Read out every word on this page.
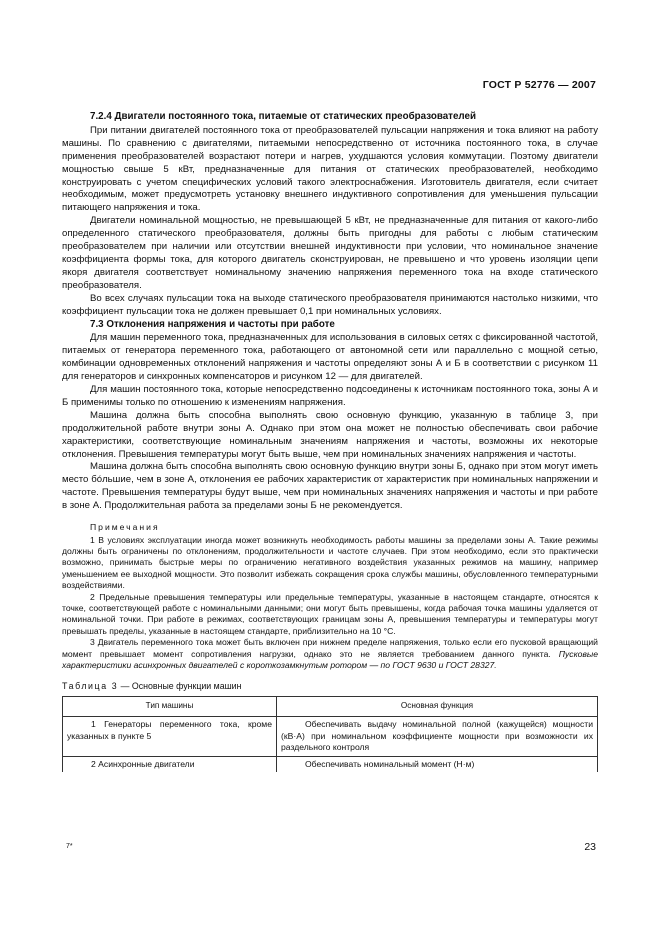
ГОСТ Р 52776 — 2007
7.2.4 Двигатели постоянного тока, питаемые от статических преобразователей

При питании двигателей постоянного тока от преобразователей пульсации напряжения и тока влияют на работу машины. По сравнению с двигателями, питаемыми непосредственно от источника постоянного тока, в случае применения преобразователей возрастают потери и нагрев, ухудшаются условия коммутации. Поэтому двигатели мощностью свыше 5 кВт, предназначенные для питания от статических преобразователей, необходимо конструировать с учетом специфических условий такого электроснабжения. Изготовитель двигателя, если считает необходимым, может предусмотреть установку внешнего индуктивного сопротивления для уменьшения пульсации питающего напряжения и тока.

Двигатели номинальной мощностью, не превышающей 5 кВт, не предназначенные для питания от какого-либо определенного статического преобразователя, должны быть пригодны для работы с любым статическим преобразователем при наличии или отсутствии внешней индуктивности при условии, что номинальное значение коэффициента формы тока, для которого двигатель сконструирован, не превышено и что уровень изоляции цепи якоря двигателя соответствует номинальному значению напряжения переменного тока на входе статического преобразователя.

Во всех случаях пульсации тока на выходе статического преобразователя принимаются настолько низкими, что коэффициент пульсации тока не должен превышает 0,1 при номинальных условиях.

7.3 Отклонения напряжения и частоты при работе

Для машин переменного тока, предназначенных для использования в силовых сетях с фиксированной частотой, питаемых от генератора переменного тока, работающего от автономной сети или параллельно с мощной сетью, комбинации одновременных отклонений напряжения и частоты определяют зоны А и Б в соответствии с рисунком 11 для генераторов и синхронных компенсаторов и рисунком 12 — для двигателей.

Для машин постоянного тока, которые непосредственно подсоединены к источникам постоянного тока, зоны А и Б применимы только по отношению к изменениям напряжения.

Машина должна быть способна выполнять свою основную функцию, указанную в таблице 3, при продолжительной работе внутри зоны А. Однако при этом она может не полностью обеспечивать свои рабочие характеристики, соответствующие номинальным значениям напряжения и частоты, возможны их некоторые отклонения. Превышения температуры могут быть выше, чем при номинальных значениях напряжения и частоты.

Машина должна быть способна выполнять свою основную функцию внутри зоны Б, однако при этом могут иметь место бóльшие, чем в зоне А, отклонения ее рабочих характеристик от характеристик при номинальных напряжении и частоте. Превышения температуры будут выше, чем при номинальных значениях напряжения и частоты и при работе в зоне А. Продолжительная работа за пределами зоны Б не рекомендуется.

Примечания

1 В условиях эксплуатации иногда может возникнуть необходимость работы машины за пределами зоны А. Такие режимы должны быть ограничены по отклонениям, продолжительности и частоте случаев. При этом необходимо, если это практически возможно, принимать быстрые меры по ограничению негативного воздействия указанных режимов на машину, например уменьшением ее выходной мощности. Это позволит избежать сокращения срока службы машины, обусловленного температурными воздействиями.

2 Предельные превышения температуры или предельные температуры, указанные в настоящем стандарте, относятся к точке, соответствующей работе с номинальными данными; они могут быть превышены, когда рабочая точка машины удаляется от номинальной точки. При работе в режимах, соответствующих границам зоны А, превышения температуры и температуры могут превышать пределы, указанные в настоящем стандарте, приблизительно на 10 °С.

3 Двигатель переменного тока может быть включен при нижнем пределе напряжения, только если его пусковой вращающий момент превышает момент сопротивления нагрузки, однако это не является требованием данного пункта. Пусковые характеристики асинхронных двигателей с короткозамкнутым ротором — по ГОСТ 9630 и ГОСТ 28327.

Таблица 3 — Основные функции машин
Тип машины	Основная функция
1 Генераторы переменного тока, кроме указанных в пункте 5	Обеспечивать выдачу номинальной полной (кажущейся) мощности (кВ·А) при номинальном коэффициенте мощности при возможности их раздельного контроля
2 Асинхронные двигатели	Обеспечивать номинальный момент (Н·м)
7*	23
